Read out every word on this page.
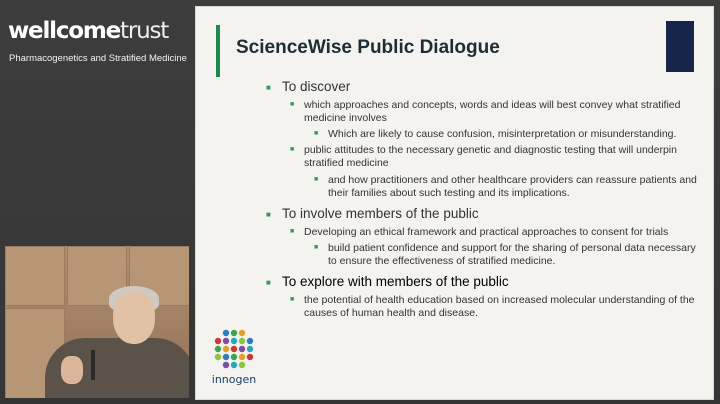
wellcometrust
Pharmacogenetics and Stratified Medicine
ScienceWise Public Dialogue
■ To discover
■ which approaches and concepts, words and ideas will best convey what stratified medicine involves
■ Which are likely to cause confusion, misinterpretation or misunderstanding.
■ public attitudes to the necessary genetic and diagnostic testing that will underpin stratified medicine
■ and how practitioners and other healthcare providers can reassure patients and their families about such testing and its implications.
■ To involve members of the public
■ Developing an ethical framework and practical approaches to consent for trials
■ build patient confidence and support for the sharing of personal data necessary to ensure the effectiveness of stratified medicine.
■ To explore with members of the public
■ the potential of health education based on increased molecular understanding of the causes of human health and disease.
innogen
